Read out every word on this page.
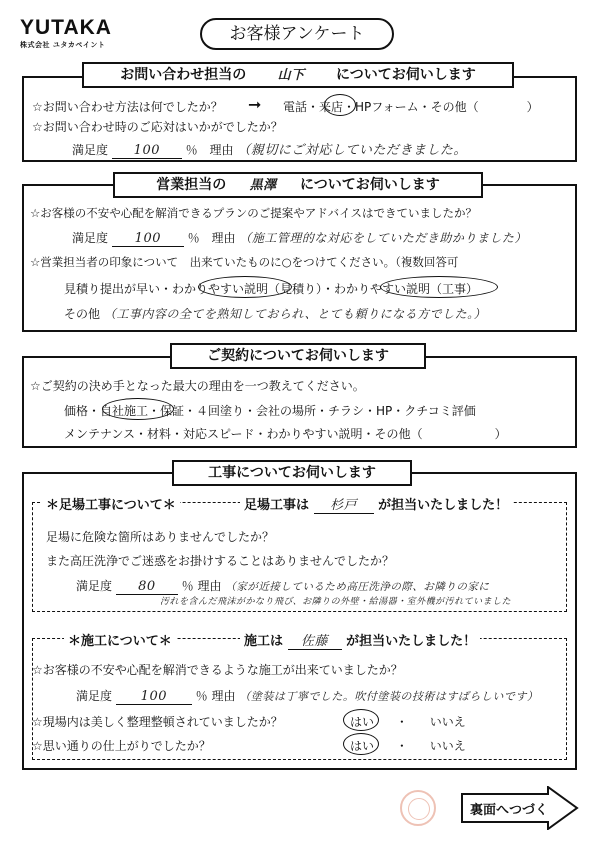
YUTAKA
株式会社 ユタカペイント
お客様アンケート
お問い合わせ担当の 山下 についてお伺いします
☆お問い合わせ方法は何でしたか？ ➞ 電話・来店・HPフォーム・その他（　　　　）
☆お問い合わせ時のご応対はいかがでしたか？
満足度 100 ％ 理由 （親切にご対応していただきました。
営業担当の 黒澤 についてお伺いします
☆お客様の不安や心配を解消できるプランのご提案やアドバイスはできていましたか？
満足度 100 ％ 理由 （施工管理的な対応をしていただき助かりました）
☆営業担当者の印象について　出来ていたものに○をつけてください。（複数回答可
見積り提出が早い・わかりやすい説明（見積り）・わかりやすい説明（工事）
その他 （工事内容の全てを熟知しておられ、とても頼りになる方でした。）
ご契約についてお伺いします
☆ご契約の決め手となった最大の理由を一つ教えてください。
価格・自社施工・保証・４回塗り・会社の場所・チラシ・HP・クチコミ評価
メンテナンス・材料・対応スピード・わかりやすい説明・その他（　　　　　　）
工事についてお伺いします
＊足場工事について＊	足場工事は 杉戸 が担当いたしました！
足場に危険な箇所はありませんでしたか？
また高圧洗浄でご迷惑をお掛けすることはありませんでしたか？
満足度 80 ％ 理由 （家が近接しているため高圧洗浄の際、お隣りの家に
汚れを含んだ飛沫がかなり飛び、お隣りの外壁・給湯器・室外機が汚れていました
＊施工について＊	施工は 佐藤 が担当いたしました！
☆お客様の不安や心配を解消できるような施工が出来ていましたか？
満足度 100 ％ 理由 （塗装は丁寧でした。吹付塗装の技術はすばらしいです）
☆現場内は美しく整理整頓されていましたか？	はい ・ いいえ
☆思い通りの仕上がりでしたか？	はい ・ いいえ
裏面へつづく
